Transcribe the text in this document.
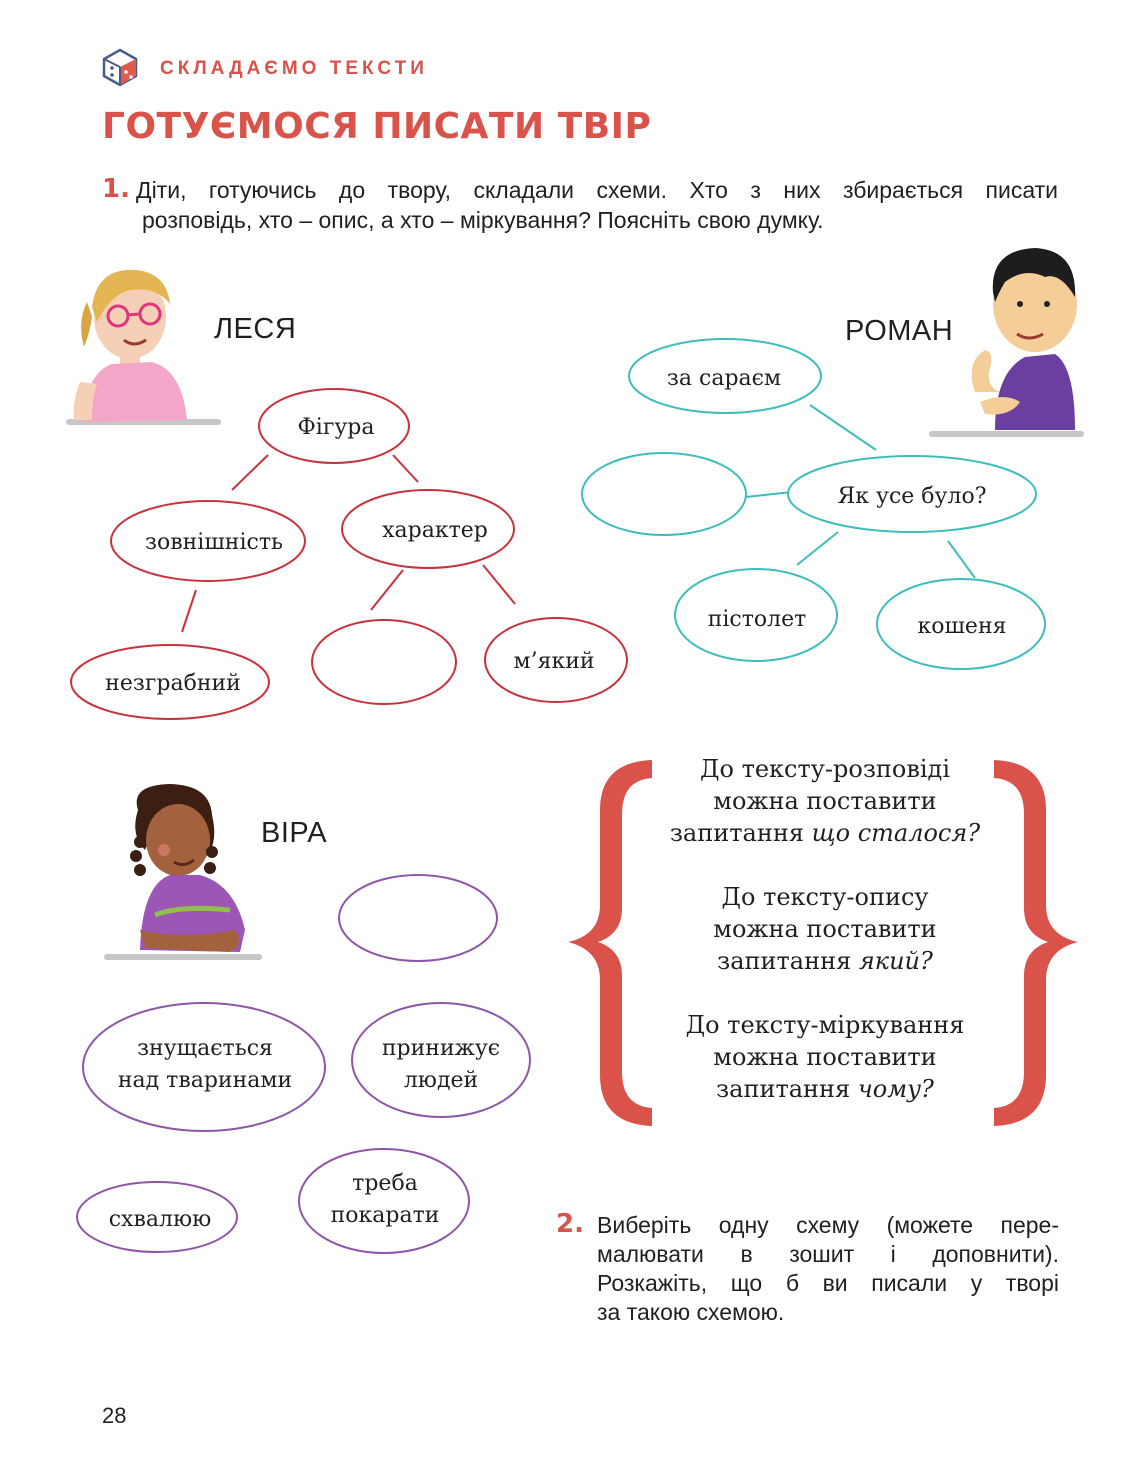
СКЛАДАЄМО ТЕКСТИ
ГОТУЄМОСЯ ПИСАТИ ТВІР
1. Діти, готуючись до твору, складали схеми. Хто з них збирається писати
розповідь, хто – опис, а хто – міркування? Поясніть свою думку.
ЛЕСЯ	РОМАН
ВІРА
Фігура
зовнішність	характер
незграбний
м’який
Як усе було?
за сараєм
пістолет	кошеня
знущається
над тваринами
принижує
людей
схвалюю
треба
покарати

До тексту-розповіді
можна поставити
запитання що сталося?

До тексту-опису
можна поставити
запитання який?

До тексту-міркування
можна поставити
запитання чому?

2. Виберіть одну схему (можете пере-
малювати в зошит і доповнити).
Розкажіть, що б ви писали у творі
за такою схемою.
28
